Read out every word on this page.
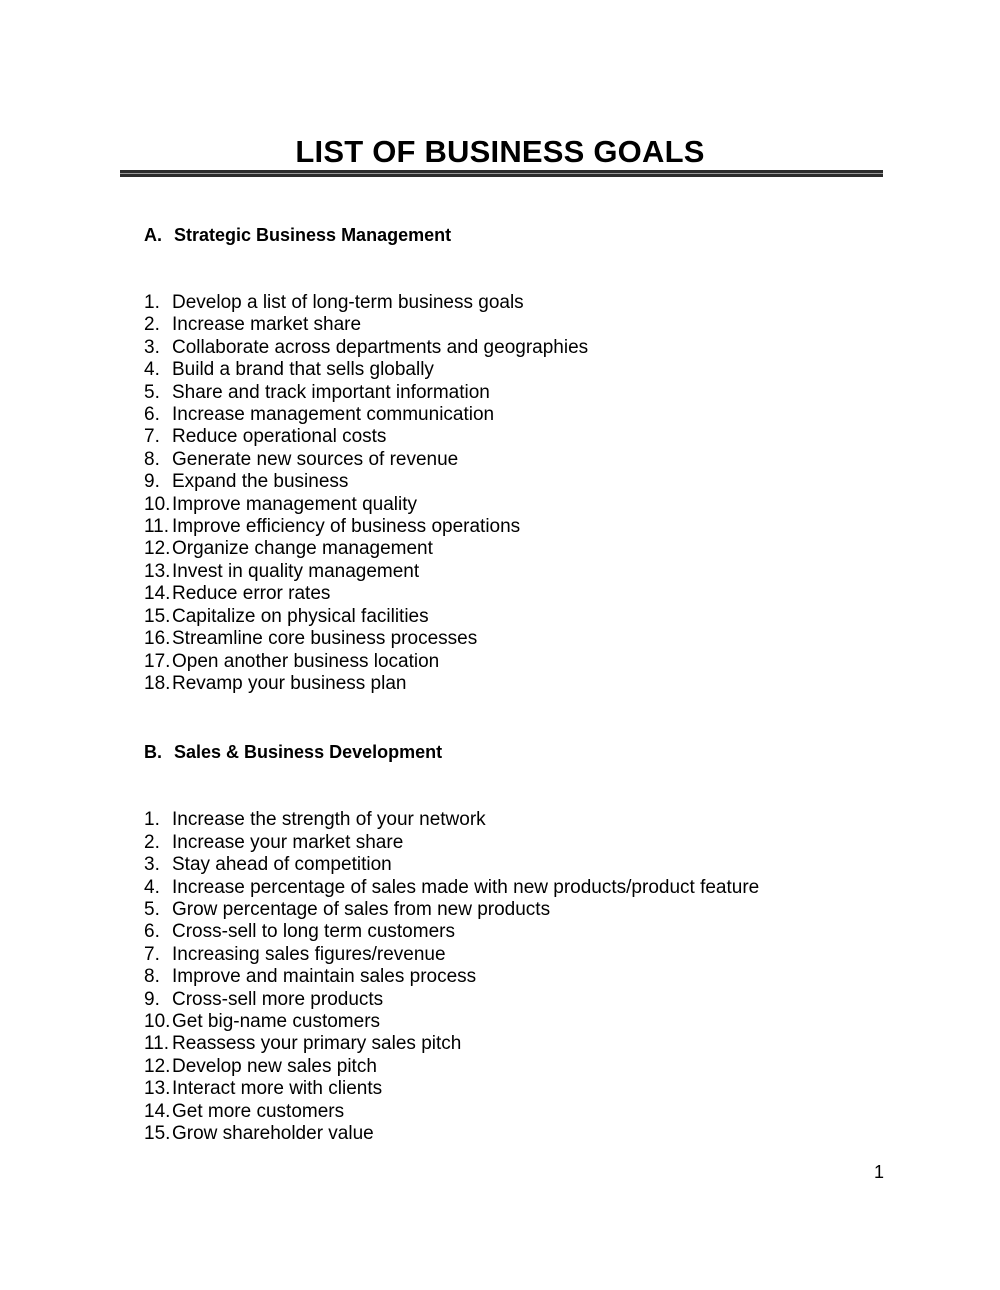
LIST OF BUSINESS GOALS
A. Strategic Business Management
1. Develop a list of long-term business goals
2. Increase market share
3. Collaborate across departments and geographies
4. Build a brand that sells globally
5. Share and track important information
6. Increase management communication
7. Reduce operational costs
8. Generate new sources of revenue
9. Expand the business
10.Improve management quality
11. Improve efficiency of business operations
12.Organize change management
13.Invest in quality management
14.Reduce error rates
15.Capitalize on physical facilities
16.Streamline core business processes
17.Open another business location
18.Revamp your business plan
B. Sales & Business Development
1. Increase the strength of your network
2. Increase your market share
3. Stay ahead of competition
4. Increase percentage of sales made with new products/product feature
5. Grow percentage of sales from new products
6. Cross-sell to long term customers
7. Increasing sales figures/revenue
8. Improve and maintain sales process
9. Cross-sell more products
10.Get big-name customers
11. Reassess your primary sales pitch
12.Develop new sales pitch
13.Interact more with clients
14.Get more customers
15.Grow shareholder value
1
